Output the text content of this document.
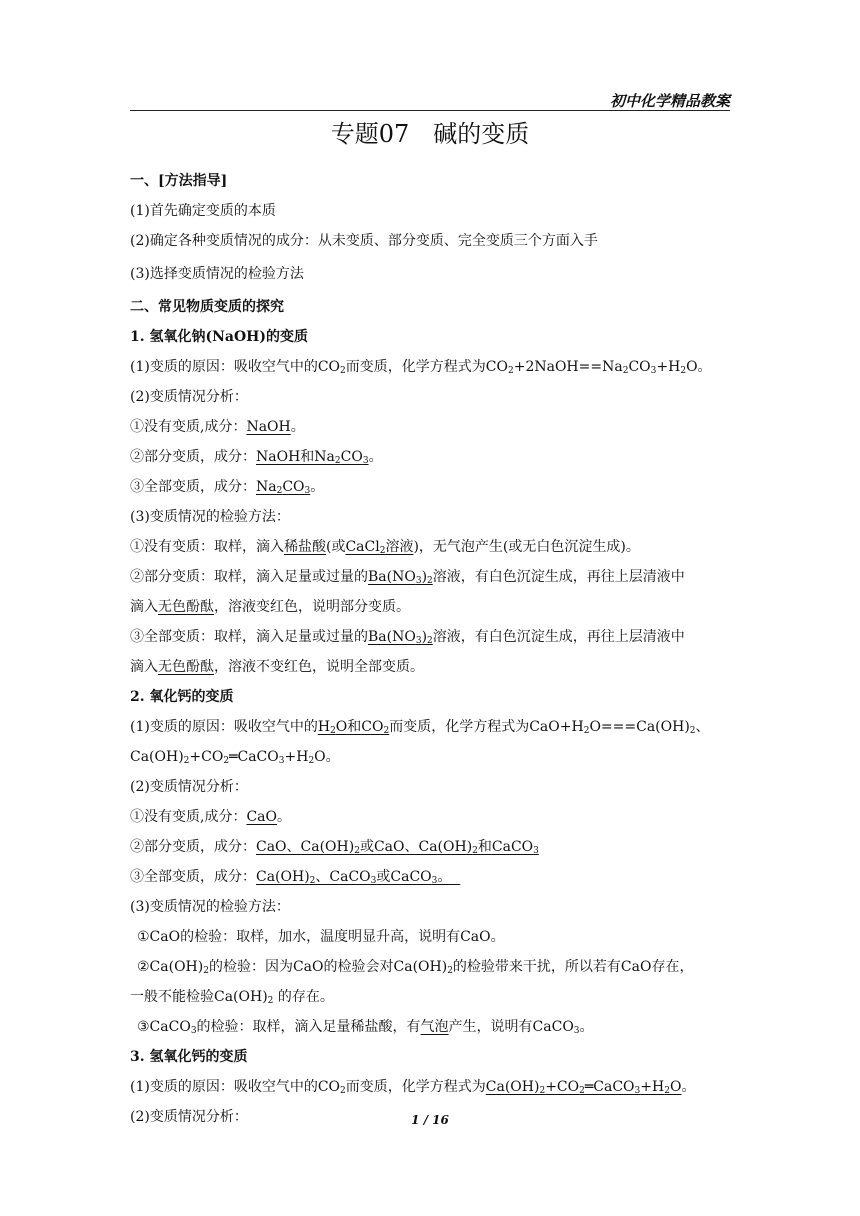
初中化学精品教案
专题07　碱的变质
一、[方法指导]
(1)首先确定变质的本质
(2)确定各种变质情况的成分：从未变质、部分变质、完全变质三个方面入手
(3)选择变质情况的检验方法
二、常见物质变质的探究
1. 氢氧化钠(NaOH)的变质
(1)变质的原因：吸收空气中的$CO_2$而变质，化学方程式为$CO_2+2NaOH==Na_2CO_3+H_2O$。
(2)变质情况分析：
①没有变质,成分：NaOH。
②部分变质，成分：NaOH和$Na_2CO_3$。
③全部变质，成分：$Na_2CO_3$。
(3)变质情况的检验方法：
①没有变质：取样，滴入稀盐酸(或CaCl$_2$溶液)，无气泡产生(或无白色沉淀生成)。
②部分变质：取样，滴入足量或过量的$Ba(NO_3)_2$溶液，有白色沉淀生成，再往上层清液中
滴入无色酚酞，溶液变红色，说明部分变质。
③全部变质：取样，滴入足量或过量的$Ba(NO_3)_2$溶液，有白色沉淀生成，再往上层清液中
滴入无色酚酞，溶液不变红色，说明全部变质。
2. 氧化钙的变质
(1)变质的原因：吸收空气中的$H_2O$和$CO_2$而变质，化学方程式为$CaO+H_2O===Ca(OH)_2$、
$Ca(OH)_2+CO_2═CaCO_3+H_2O$。
(2)变质情况分析：
①没有变质,成分：CaO。
②部分变质，成分：CaO、$Ca(OH)_2$或CaO、$Ca(OH)_2$和CaCO$_3$
③全部变质，成分：$Ca(OH)_2$、CaCO$_3$或CaCO$_3$。
(3)变质情况的检验方法：
①CaO的检验：取样，加水，温度明显升高，说明有CaO。
$②Ca(OH)_2$的检验：因为CaO的检验会对$Ca(OH)_2$的检验带来干扰，所以若有CaO存在，
一般不能检验$Ca(OH)_2$ 的存在。
③CaCO$_3$的检验：取样，滴入足量稀盐酸，有气泡产生，说明有CaCO$_3$。
3. 氢氧化钙的变质
(1)变质的原因：吸收空气中的$CO_2$而变质，化学方程式为$Ca(OH)_2+CO_2═CaCO_3+H_2O$。
(2)变质情况分析：	1 / 16
